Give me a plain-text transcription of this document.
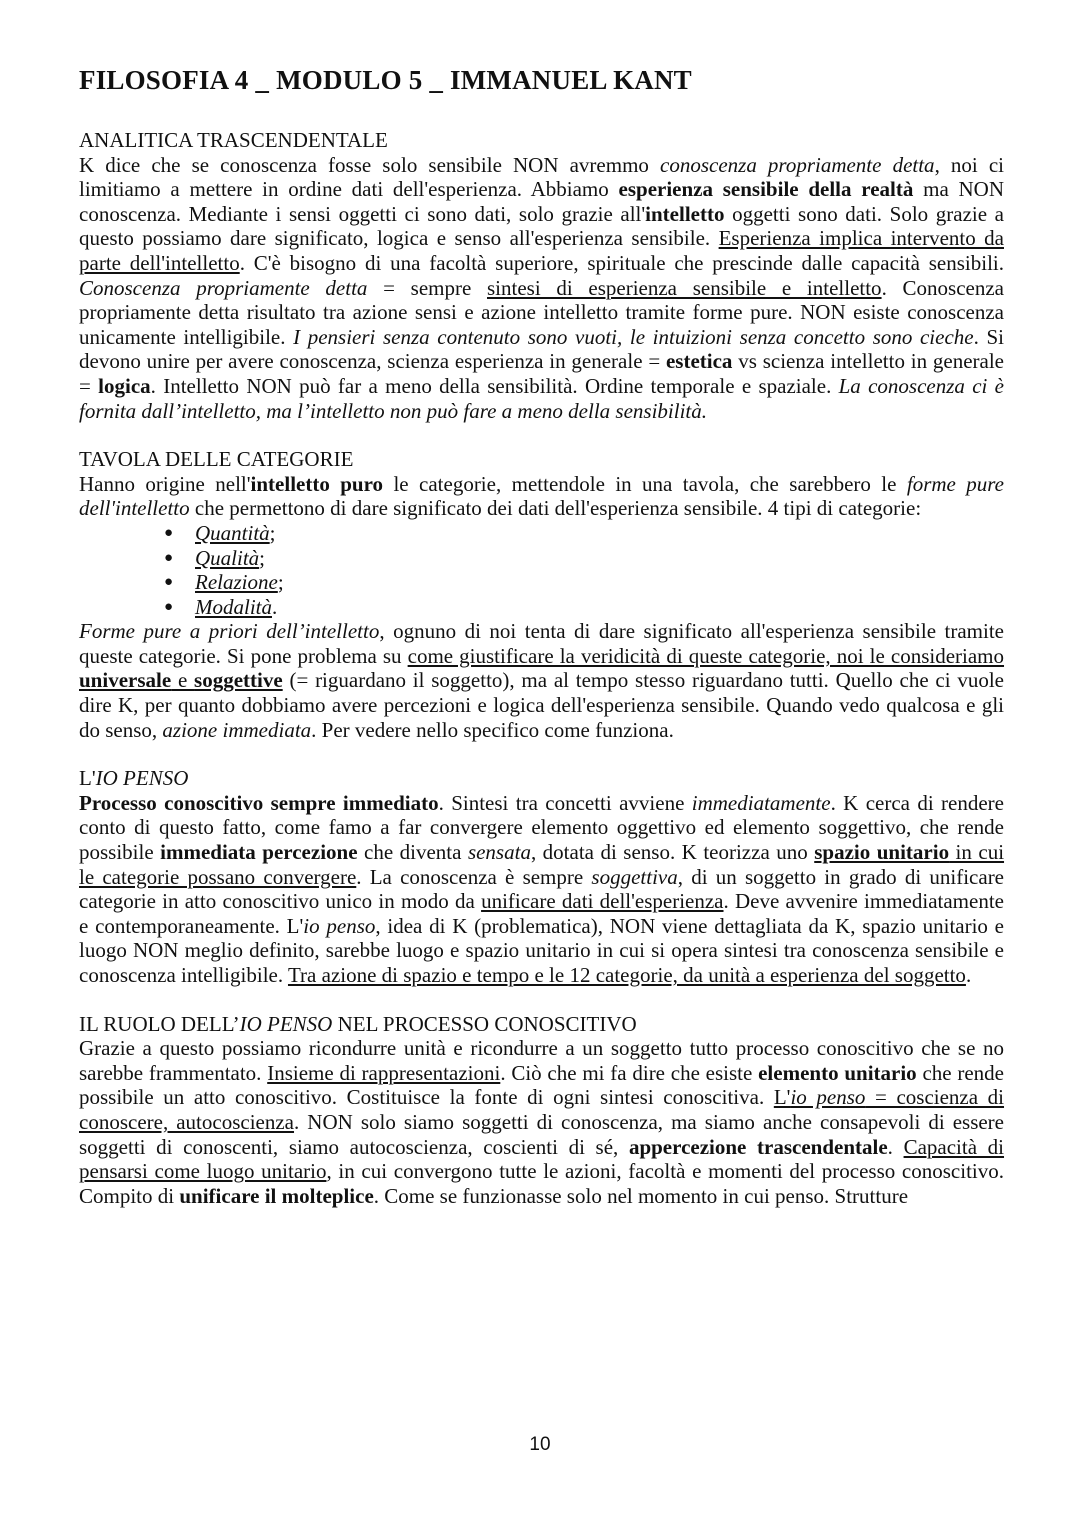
FILOSOFIA 4 _ MODULO 5 _ IMMANUEL KANT
ANALITICA TRASCENDENTALE

K dice che se conoscenza fosse solo sensibile NON avremmo conoscenza propriamente detta, noi ci limitiamo a mettere in ordine dati dell'esperienza. Abbiamo esperienza sensibile della realtà ma NON conoscenza. Mediante i sensi oggetti ci sono dati, solo grazie all'intelletto oggetti sono dati. Solo grazie a questo possiamo dare significato, logica e senso all'esperienza sensibile. Esperienza implica intervento da parte dell'intelletto. C'è bisogno di una facoltà superiore, spirituale che prescinde dalle capacità sensibili. Conoscenza propriamente detta = sempre sintesi di esperienza sensibile e intelletto. Conoscenza propriamente detta risultato tra azione sensi e azione intelletto tramite forme pure. NON esiste conoscenza unicamente intelligibile. I pensieri senza contenuto sono vuoti, le intuizioni senza concetto sono cieche. Si devono unire per avere conoscenza, scienza esperienza in generale = estetica vs scienza intelletto in generale = logica. Intelletto NON può far a meno della sensibilità. Ordine temporale e spaziale. La conoscenza ci è fornita dall’intelletto, ma l’intelletto non può fare a meno della sensibilità.

TAVOLA DELLE CATEGORIE

Hanno origine nell'intelletto puro le categorie, mettendole in una tavola, che sarebbero le forme pure dell'intelletto che permettono di dare significato dei dati dell'esperienza sensibile. 4 tipi di categorie:

● Quantità;
● Qualità;
● Relazione;
● Modalità.

Forme pure a priori dell’intelletto, ognuno di noi tenta di dare significato all'esperienza sensibile tramite queste categorie. Si pone problema su come giustificare la veridicità di queste categorie, noi le consideriamo universale e soggettive (= riguardano il soggetto), ma al tempo stesso riguardano tutti. Quello che ci vuole dire K, per quanto dobbiamo avere percezioni e logica dell'esperienza sensibile. Quando vedo qualcosa e gli do senso, azione immediata. Per vedere nello specifico come funziona.

L'IO PENSO

Processo conoscitivo sempre immediato. Sintesi tra concetti avviene immediatamente. K cerca di rendere conto di questo fatto, come famo a far convergere elemento oggettivo ed elemento soggettivo, che rende possibile immediata percezione che diventa sensata, dotata di senso. K teorizza uno spazio unitario in cui le categorie possano convergere. La conoscenza è sempre soggettiva, di un soggetto in grado di unificare categorie in atto conoscitivo unico in modo da unificare dati dell'esperienza. Deve avvenire immediatamente e contemporaneamente. L'io penso, idea di K (problematica), NON viene dettagliata da K, spazio unitario e luogo NON meglio definito, sarebbe luogo e spazio unitario in cui si opera sintesi tra conoscenza sensibile e conoscenza intelligibile. Tra azione di spazio e tempo e le 12 categorie, da unità a esperienza del soggetto.

IL RUOLO DELL’IO PENSO NEL PROCESSO CONOSCITIVO

Grazie a questo possiamo ricondurre unità e ricondurre a un soggetto tutto processo conoscitivo che se no sarebbe frammentato. Insieme di rappresentazioni. Ciò che mi fa dire che esiste elemento unitario che rende possibile un atto conoscitivo. Costituisce la fonte di ogni sintesi conoscitiva. L'io penso = coscienza di conoscere, autocoscienza. NON solo siamo soggetti di conoscenza, ma siamo anche consapevoli di essere soggetti di conoscenti, siamo autocoscienza, coscienti di sé, appercezione trascendentale. Capacità di pensarsi come luogo unitario, in cui convergono tutte le azioni, facoltà e momenti del processo conoscitivo. Compito di unificare il molteplice. Come se funzionasse solo nel momento in cui penso. Strutture

10
